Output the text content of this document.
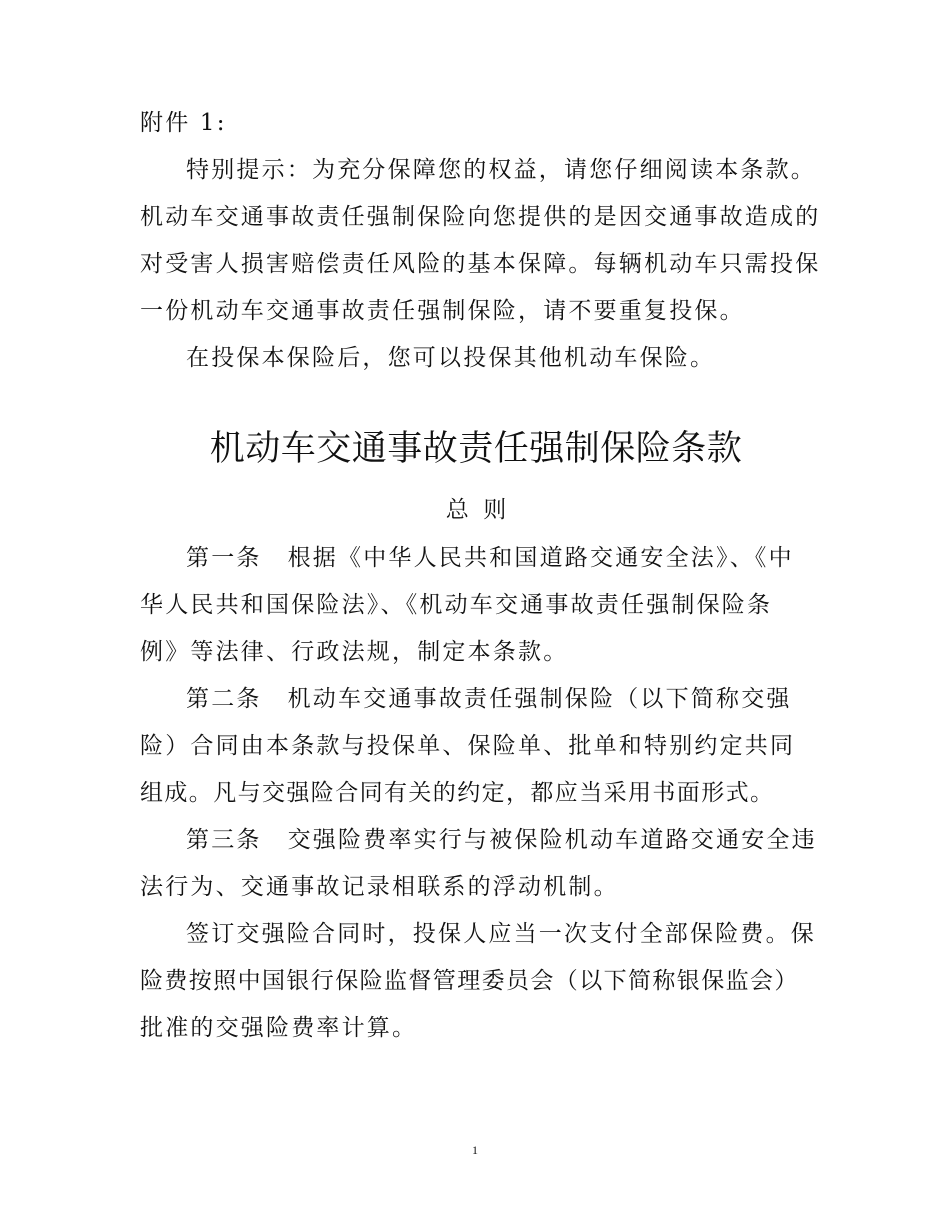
附件 1:
特别提示：为充分保障您的权益，请您仔细阅读本条款。
机动车交通事故责任强制保险向您提供的是因交通事故造成的
对受害人损害赔偿责任风险的基本保障。每辆机动车只需投保
一份机动车交通事故责任强制保险，请不要重复投保。
在投保本保险后，您可以投保其他机动车保险。
机动车交通事故责任强制保险条款
总  则
第一条 根据《中华人民共和国道路交通安全法》、《中
华人民共和国保险法》、《机动车交通事故责任强制保险条
例》等法律、行政法规，制定本条款。
第二条 机动车交通事故责任强制保险（以下简称交强
险）合同由本条款与投保单、保险单、批单和特别约定共同
组成。凡与交强险合同有关的约定，都应当采用书面形式。
第三条 交强险费率实行与被保险机动车道路交通安全违
法行为、交通事故记录相联系的浮动机制。
签订交强险合同时，投保人应当一次支付全部保险费。保
险费按照中国银行保险监督管理委员会（以下简称银保监会）
批准的交强险费率计算。
1
